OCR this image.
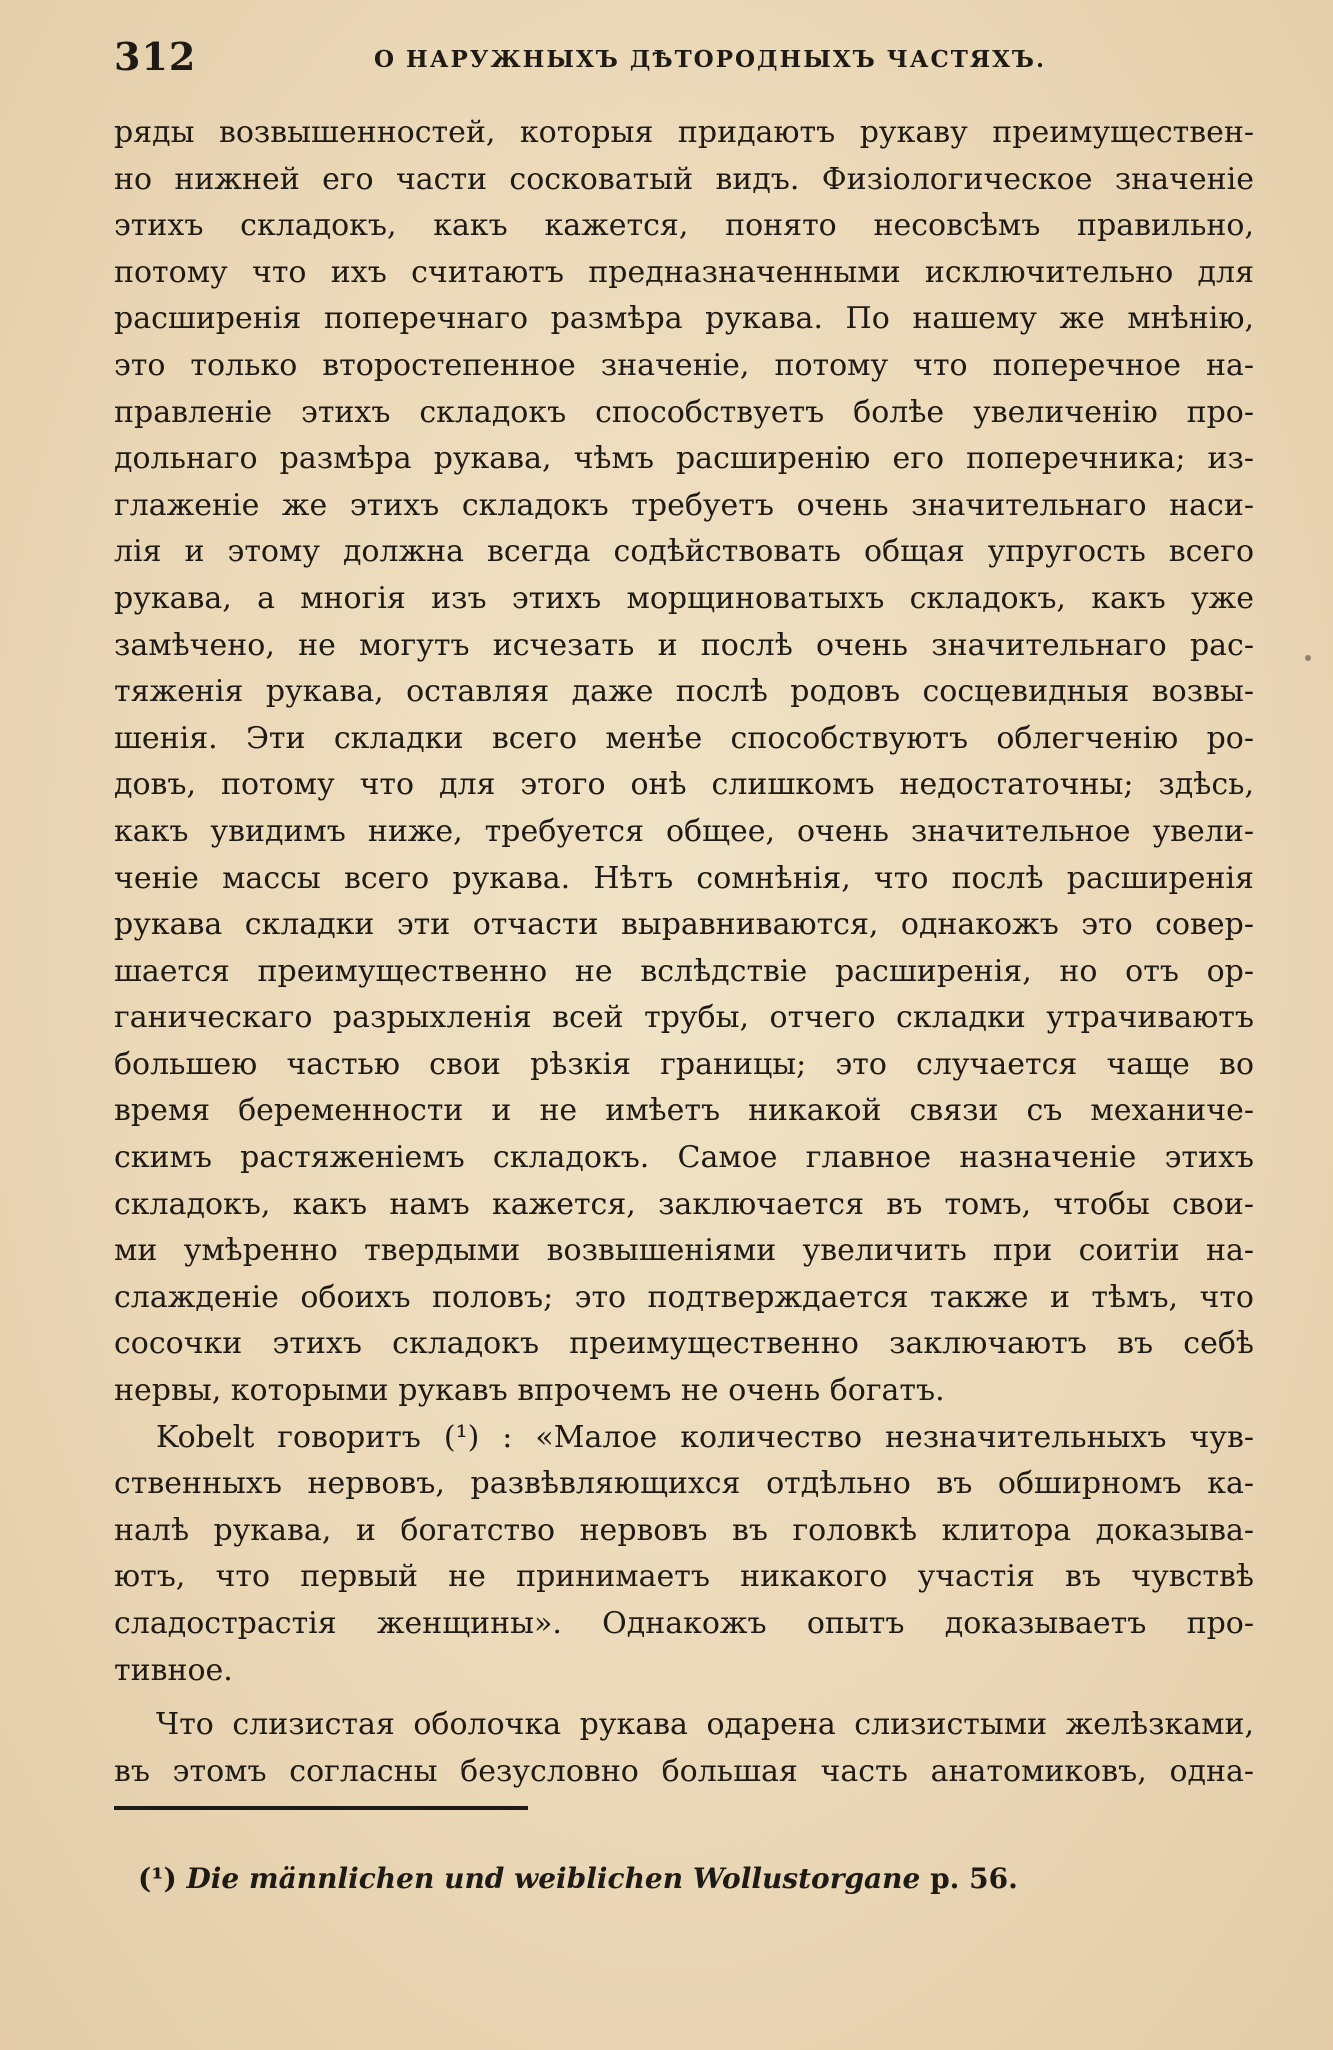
312	О НАРУЖНЫХЪ ДѢТОРОДНЫХЪ ЧАСТЯХЪ.
ряды возвышенностей, которыя придаютъ рукаву преимуществен-
но нижней его части сосковатый видъ. Физiологическое значенiе
этихъ складокъ, какъ кажется, понято несовсѣмъ правильно,
потому что ихъ считаютъ предназначенными исключительно для
расширенiя поперечнаго размѣра рукава. По нашему же мнѣнiю,
это только второстепенное значенiе, потому что поперечное на-
правленiе этихъ складокъ способствуетъ болѣе увеличенiю про-
дольнаго размѣра рукава, чѣмъ расширенiю его поперечника; из-
глаженiе же этихъ складокъ требуетъ очень значительнаго наси-
лiя и этому должна всегда содѣйствовать общая упругость всего
рукава, а многiя изъ этихъ морщиноватыхъ складокъ, какъ уже
замѣчено, не могутъ исчезать и послѣ очень значительнаго рас-
тяженiя рукава, оставляя даже послѣ родовъ сосцевидныя возвы-
шенiя. Эти складки всего менѣе способствуютъ облегченiю ро-
довъ, потому что для этого онѣ слишкомъ недостаточны; здѣсь,
какъ увидимъ ниже, требуется общее, очень значительное увели-
ченiе массы всего рукава. Нѣтъ сомнѣнiя, что послѣ расширенiя
рукава складки эти отчасти выравниваются, однакожъ это совер-
шается преимущественно не вслѣдствiе расширенiя, но отъ ор-
ганическаго разрыхленiя всей трубы, отчего складки утрачиваютъ
большею частью свои рѣзкiя границы; это случается чаще во
время беременности и не имѣетъ никакой связи съ механиче-
скимъ растяженiемъ складокъ. Самое главное назначенiе этихъ
складокъ, какъ намъ кажется, заключается въ томъ, чтобы свои-
ми умѣренно твердыми возвышенiями увеличить при соитiи на-
слажденiе обоихъ половъ; это подтверждается также и тѣмъ, что
сосочки этихъ складокъ преимущественно заключаютъ въ себѣ
нервы, которыми рукавъ впрочемъ не очень богатъ.
Kobelt говоритъ (¹) : «Малое количество незначительныхъ чув-
ственныхъ нервовъ, развѣвляющихся отдѣльно въ обширномъ ка-
налѣ рукава, и богатство нервовъ въ головкѣ клитора доказыва-
ютъ, что первый не принимаетъ никакого участiя въ чувствѣ
сладострастiя женщины». Однакожъ опытъ доказываетъ про-
тивное.
Что слизистая оболочка рукава одарена слизистыми желѣзками,
въ этомъ согласны безусловно большая часть анатомиковъ, одна-
(¹) Die männlichen und weiblichen Wollustorgane p. 56.
